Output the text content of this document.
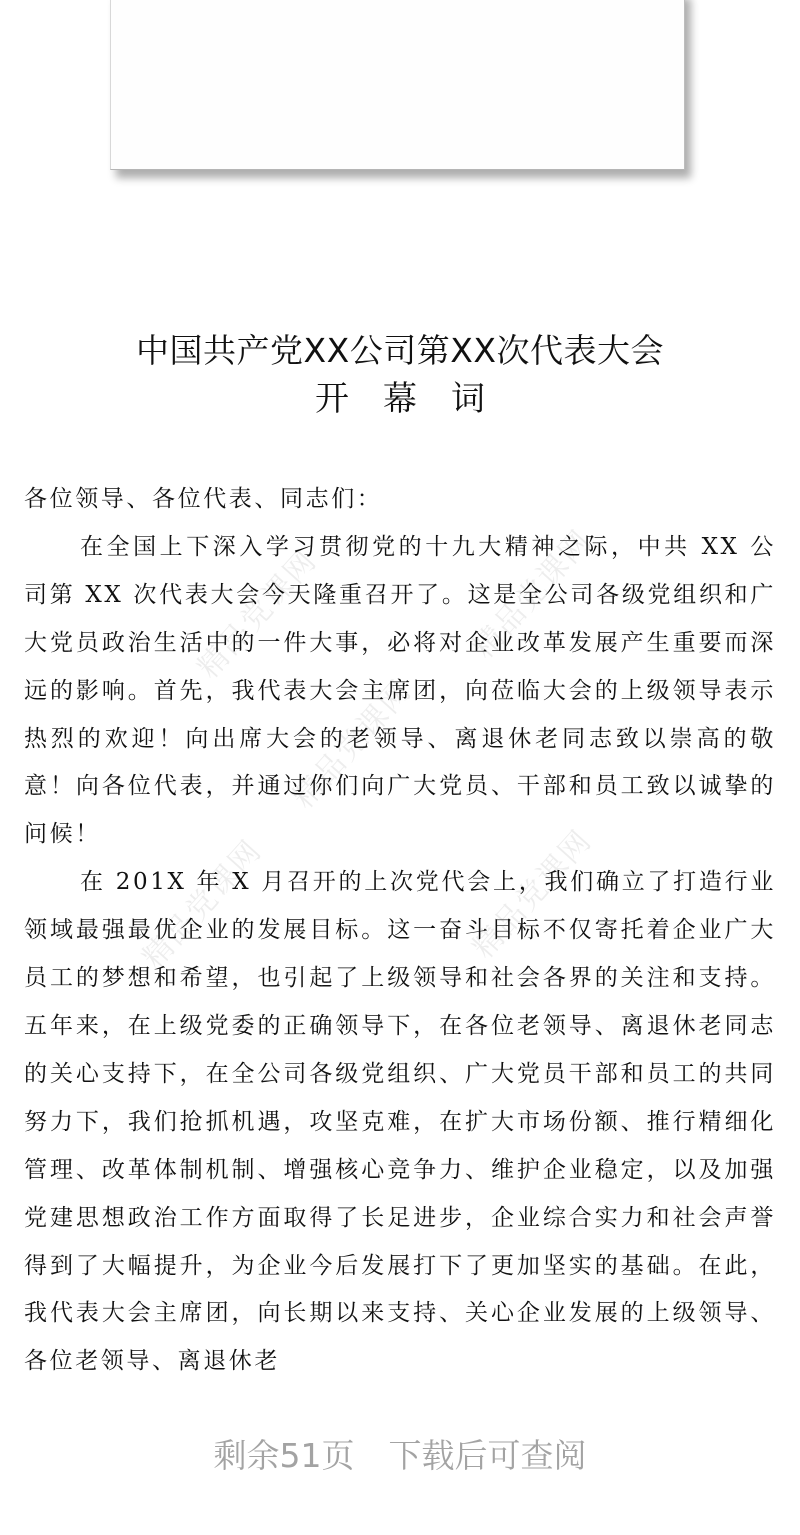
中国共产党XX公司第XX次代表大会
开幕词

各位领导、各位代表、同志们：

在全国上下深入学习贯彻党的十九大精神之际，中共 XX 公司第 XX 次代表大会今天隆重召开了。这是全公司各级党组织和广大党员政治生活中的一件大事，必将对企业改革发展产生重要而深远的影响。首先，我代表大会主席团，向莅临大会的上级领导表示热烈的欢迎！向出席大会的老领导、离退休老同志致以崇高的敬意！向各位代表，并通过你们向广大党员、干部和员工致以诚挚的问候！

在 201X 年 X 月召开的上次党代会上，我们确立了打造行业领域最强最优企业的发展目标。这一奋斗目标不仅寄托着企业广大员工的梦想和希望，也引起了上级领导和社会各界的关注和支持。五年来，在上级党委的正确领导下，在各位老领导、离退休老同志的关心支持下，在全公司各级党组织、广大党员干部和员工的共同努力下，我们抢抓机遇，攻坚克难，在扩大市场份额、推行精细化管理、改革体制机制、增强核心竞争力、维护企业稳定，以及加强党建思想政治工作方面取得了长足进步，企业综合实力和社会声誉得到了大幅提升，为企业今后发展打下了更加坚实的基础。在此，我代表大会主席团，向长期以来支持、关心企业发展的上级领导、各位老领导、离退休老

精品党课网	精品党课网
精品党课网
精品党课网	精品党课网
剩余51页 下载后可查阅
